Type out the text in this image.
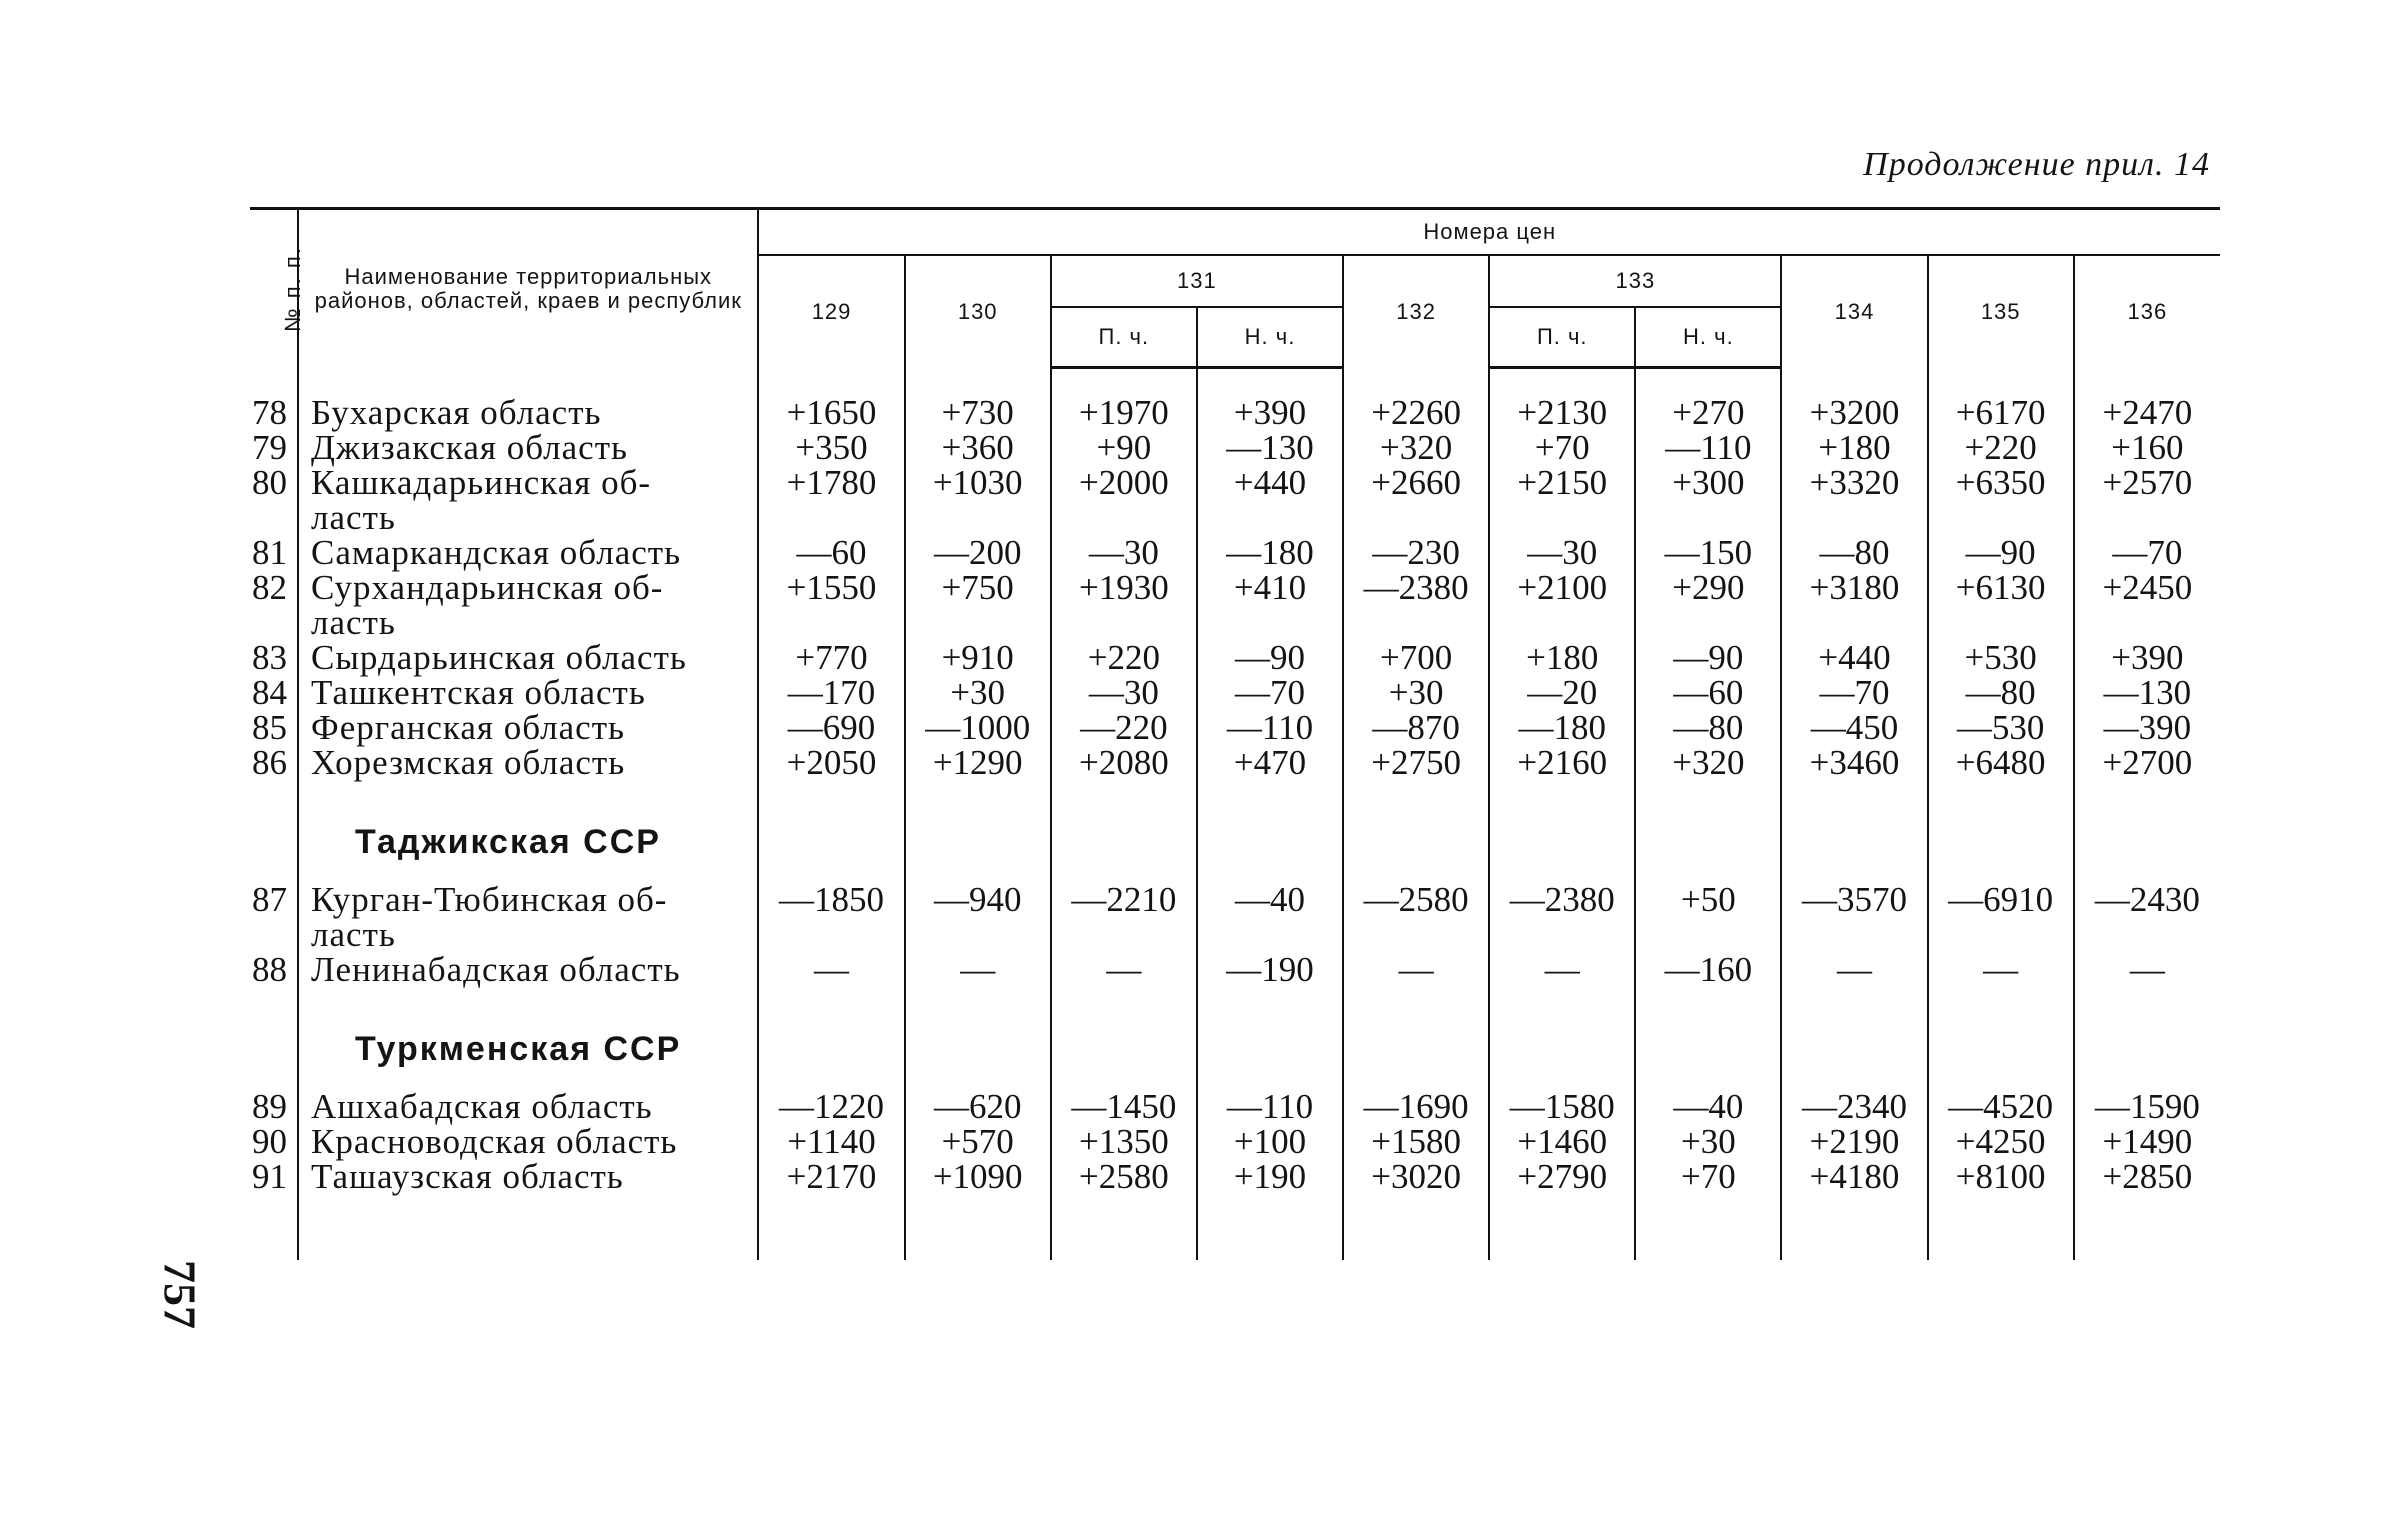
Продолжение прил. 14
757
№ п. п.	Наименование территориальных районов, областей, краев и республик	Номера цен									
		129	130	131		132	133		134	135	136
				П. ч.	Н. ч.		П. ч.	Н. ч.			

78	Бухарская область	+1650	+730	+1970	+390	+2260	+2130	+270	+3200	+6170	+2470
79	Джизакская область	+350	+360	+90	—130	+320	+70	—110	+180	+220	+160
80	Кашкадарьинская об-	+1780	+1030	+2000	+440	+2660	+2150	+300	+3320	+6350	+2570
	ласть										
81	Самаркандская область	—60	—200	—30	—180	—230	—30	—150	—80	—90	—70
82	Сурхандарьинская об-	+1550	+750	+1930	+410	—2380	+2100	+290	+3180	+6130	+2450
	ласть										
83	Сырдарьинская область	+770	+910	+220	—90	+700	+180	—90	+440	+530	+390
84	Ташкентская область	—170	+30	—30	—70	+30	—20	—60	—70	—80	—130
85	Ферганская область	—690	—1000	—220	—110	—870	—180	—80	—450	—530	—390
86	Хорезмская область	+2050	+1290	+2080	+470	+2750	+2160	+320	+3460	+6480	+2700

	Таджикская ССР										
87	Курган-Тюбинская об-	—1850	—940	—2210	—40	—2580	—2380	+50	—3570	—6910	—2430
	ласть										
88	Ленинабадская область	—	—	—	—190	—	—	—160	—	—	—

	Туркменская ССР										
89	Ашхабадская область	—1220	—620	—1450	—110	—1690	—1580	—40	—2340	—4520	—1590
90	Красноводская область	+1140	+570	+1350	+100	+1580	+1460	+30	+2190	+4250	+1490
91	Ташаузская область	+2170	+1090	+2580	+190	+3020	+2790	+70	+4180	+8100	+2850
